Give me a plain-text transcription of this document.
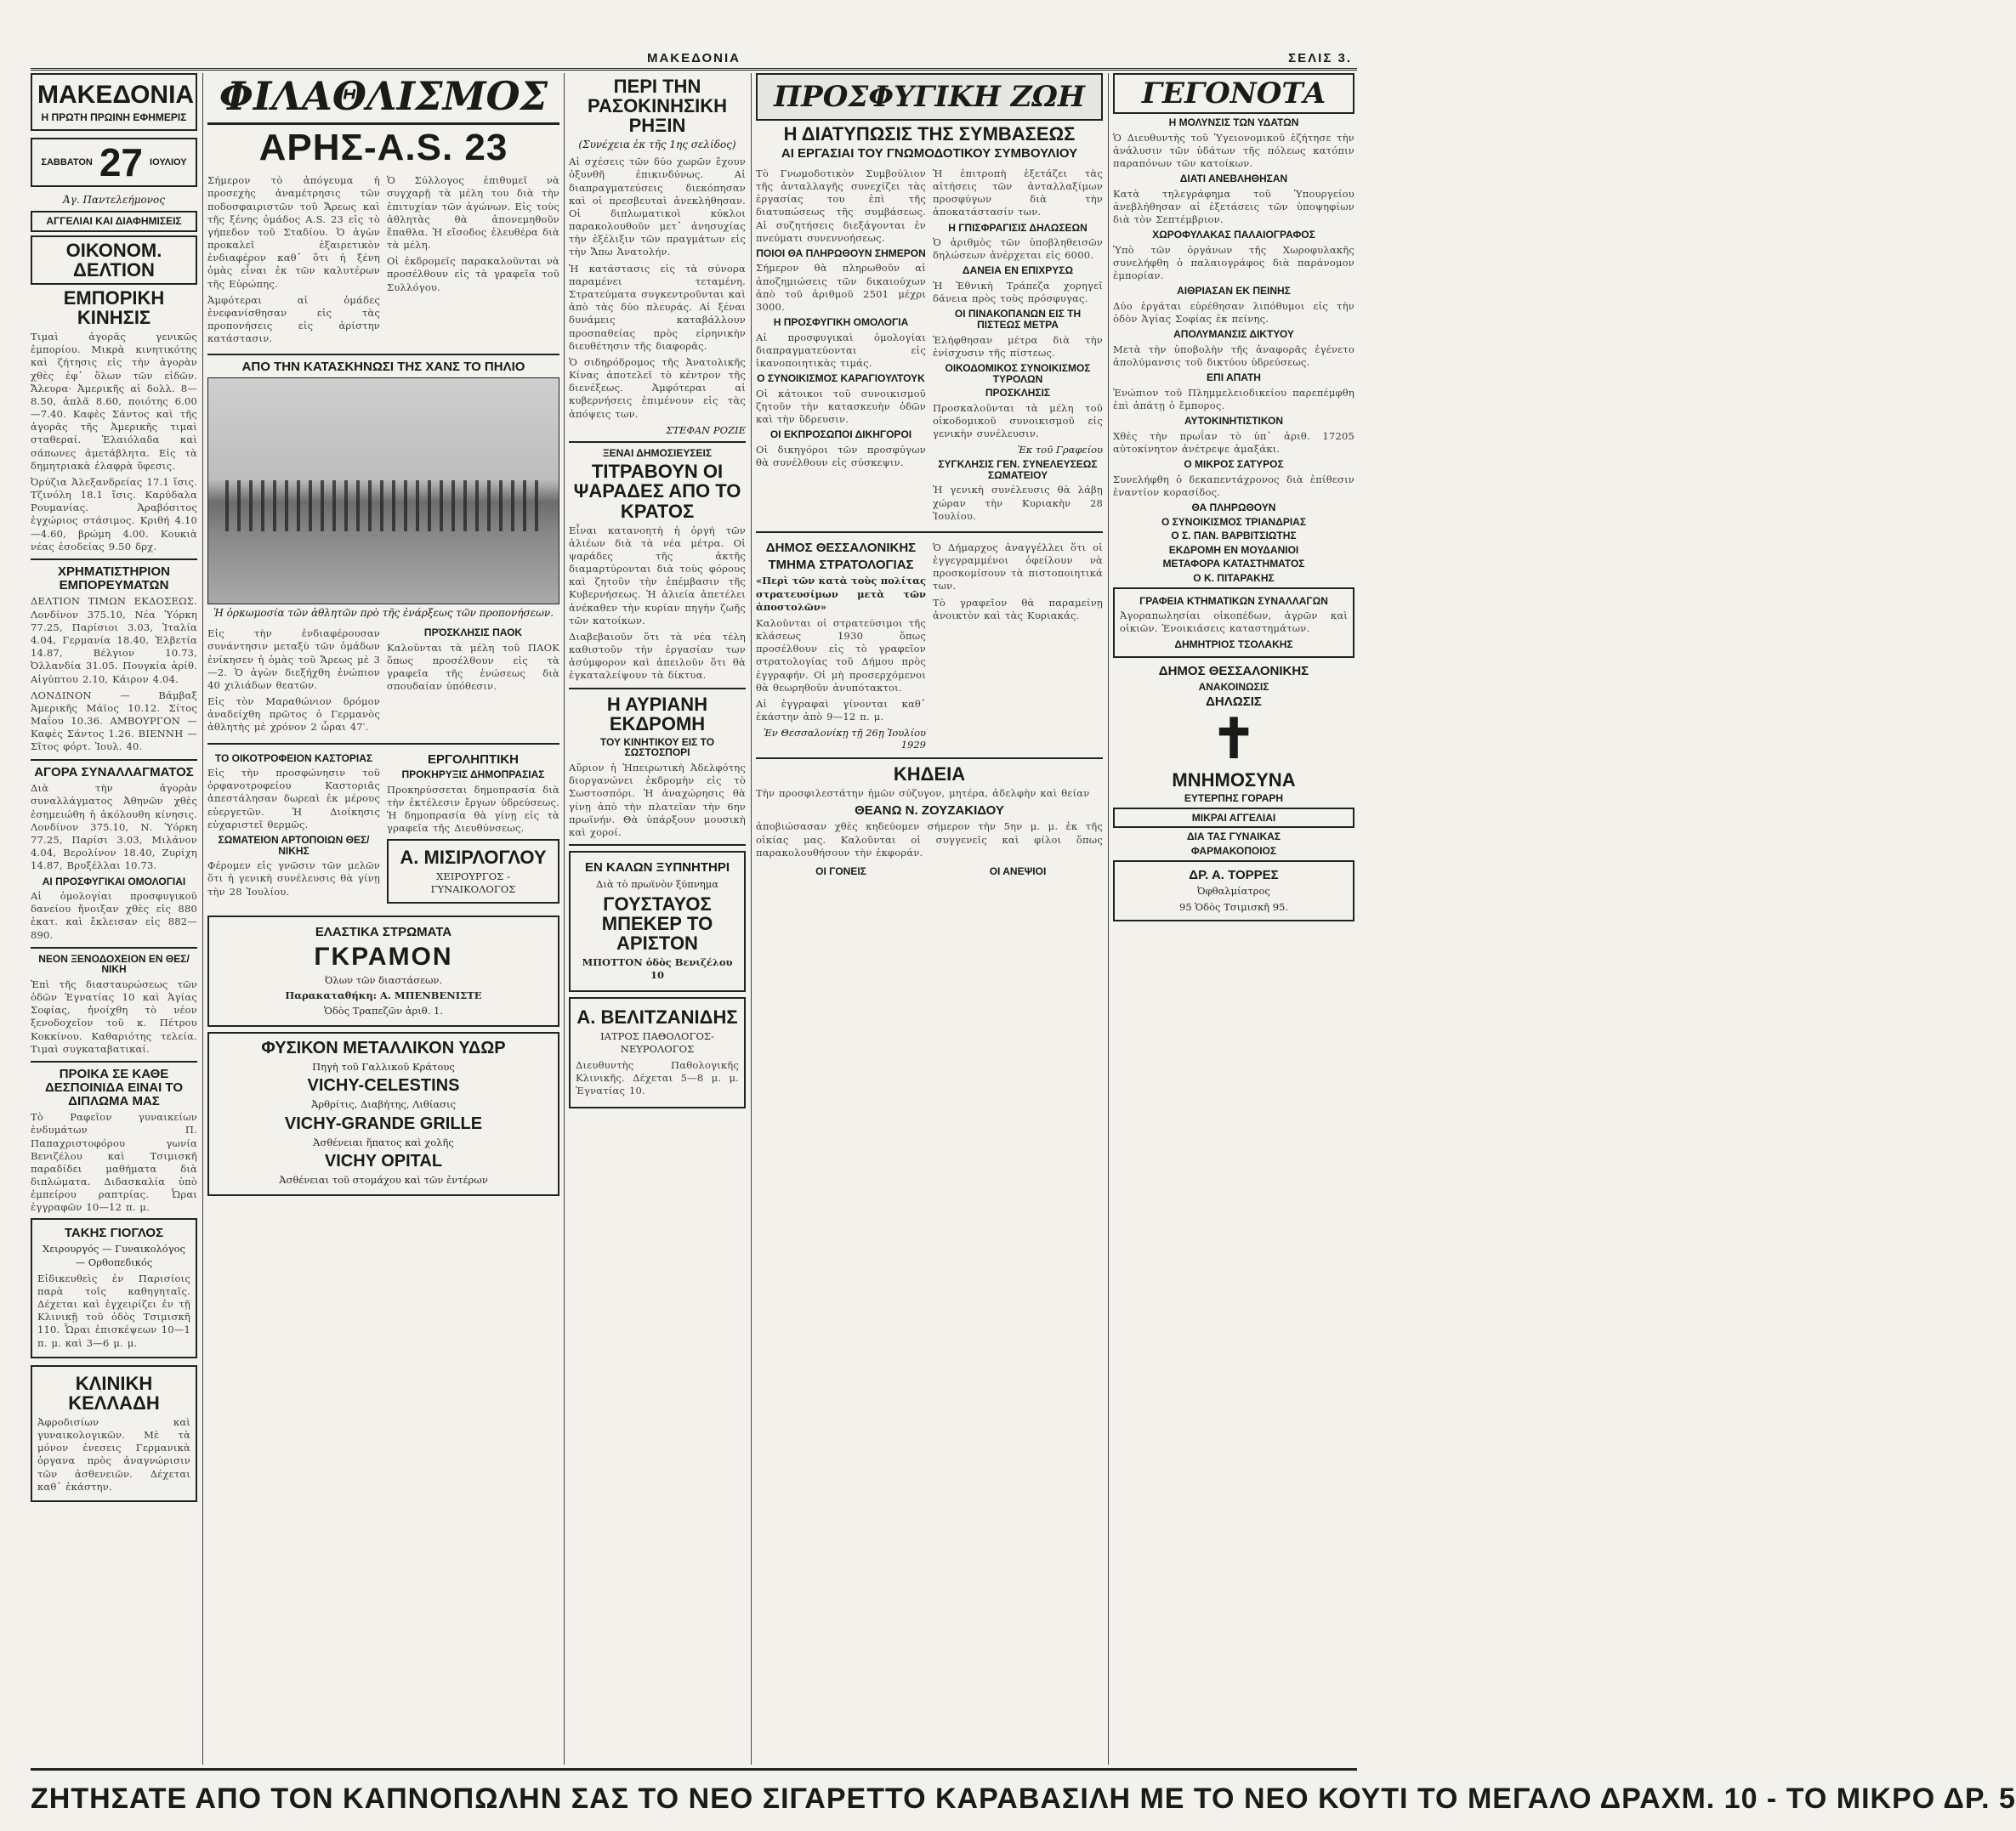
ΜΑΚΕΔΟΝΙΑ	ΣΕΛΙΣ 3.
ΜΑΚΕΔΟΝΙΑ
Η ΠΡΩΤΗ ΠΡΩΙΝΗ ΕΦΗΜΕΡΙΣ
ΣΑΒΒΑΤΟΝ 27 ΙΟΥΛΙΟΥ
Άγ. Παντελεήμονος
ΑΓΓΕΛΙΑΙ ΚΑΙ ΔΙΑΦΗΜΙΣΕΙΣ
ΟΙΚΟΝΟΜ. ΔΕΛΤΙΟΝ
ΕΜΠΟΡΙΚΗ ΚΙΝΗΣΙΣ

Τιμαὶ ἀγορᾶς γενικῶς ἐμπορίου. Μικρὰ κινητικότης καὶ ζήτησις εἰς τὴν ἀγορὰν χθὲς ἐφ᾽ ὅλων τῶν εἰδῶν. Ἄλευρα· Ἀμερικῆς αἱ δολλ. 8—8.50, ἀπλᾶ 8.60, ποιότης 6.00—7.40. Καφὲς Σάντος καὶ τῆς ἀγορᾶς τῆς Ἀμερικῆς τιμαὶ σταθεραί. Ἐλαιόλαδα καὶ σάπωνες ἀμετάβλητα. Εἰς τὰ δημητριακὰ ἐλαφρὰ ὕφεσις.

Ὀρύζια Ἀλεξανδρείας 17.1 ἴσις. Τζινόλη 18.1 ἴσις. Καρύδαλα Ρουμανίας. Ἀραβόσιτος ἐγχώριος στάσιμος. Κριθή 4.10—4.60, βρώμη 4.00. Κουκιὰ νέας ἐσοδείας 9.50 δρχ.

ΧΡΗΜΑΤΙΣΤΗΡΙΟΝ ΕΜΠΟΡΕΥΜΑΤΩΝ

ΔΕΛΤΙΟΝ ΤΙΜΩΝ ΕΚΔΟΣΕΩΣ. Λονδίνον 375.10, Νέα Ὑόρκη 77.25, Παρίσιοι 3.03, Ἰταλία 4.04, Γερμανία 18.40, Ἑλβετία 14.87, Βέλγιον 10.73, Ὀλλανδία 31.05. Πουγκία ἀρίθ. Αἰγύπτου 2.10, Κάιρον 4.04.

ΛΟΝΔΙΝΟΝ — Βάμβαξ Ἀμερικῆς Μάϊος 10.12. Σίτος Μαΐου 10.36. ΑΜΒΟΥΡΓΟΝ — Καφὲς Σάντος 1.26. ΒΙΕΝΝΗ — Σῖτος φόρτ. Ἰουλ. 40.

ΑΓΟΡΑ ΣΥΝΑΛΛΑΓΜΑΤΟΣ

Διὰ τὴν ἀγορὰν συναλλάγματος Ἀθηνῶν χθὲς ἐσημειώθη ἡ ἀκόλουθη κίνησις. Λονδίνον 375.10, Ν. Ὑόρκη 77.25, Παρίσι 3.03, Μιλάνον 4.04, Βερολίνον 18.40, Ζυρίχη 14.87, Βρυξέλλαι 10.73.

ΑΙ ΠΡΟΣΦΥΓΙΚΑΙ ΟΜΟΛΟΓΙΑΙ

Αἱ ὁμολογίαι προσφυγικοῦ δανείου ἤνοιξαν χθὲς εἰς 880 ἐκατ. καὶ ἔκλεισαν εἰς 882—890.

ΝΕΟΝ ΞΕΝΟΔΟΧΕΙΟΝ ΕΝ ΘΕΣ/ΝΙΚΗ

Ἐπὶ τῆς διασταυρώσεως τῶν ὁδῶν Ἐγνατίας 10 καὶ Ἀγίας Σοφίας, ἠνοίχθη τὸ νέον ξενοδοχεῖον τοῦ κ. Πέτρου Κοκκίνου. Καθαριότης τελεία. Τιμαὶ συγκαταβατικαί.

ΠΡΟΙΚΑ ΣΕ ΚΑΘΕ ΔΕΣΠΟΙΝΙΔΑ ΕΙΝΑΙ ΤΟ ΔΙΠΛΩΜΑ ΜΑΣ

Τὸ Ραφεῖον γυναικείων ἐνδυμάτων Π. Παπαχριστοφόρου γωνία Βενιζέλου καὶ Τσιμισκῆ παραδίδει μαθήματα διὰ διπλώματα. Διδασκαλία ὑπὸ ἐμπείρου ραπτρίας. Ὧραι ἐγγραφῶν 10—12 π. μ.

ΤΑΚΗΣ ΓΙΟΓΛΟΣ
Χειρουργός — Γυναικολόγος — Ορθοπεδικός

Εἰδικευθεὶς ἐν Παρισίοις παρὰ τοῖς καθηγηταῖς. Δέχεται καὶ ἐγχειρίζει ἐν τῇ Κλινικῇ τοῦ ὁδὸς Τσιμισκῆ 110. Ὧραι ἐπισκέψεων 10—1 π. μ. καὶ 3—6 μ. μ.

ΚΛΙΝΙΚΗ ΚΕΛΛΑΔΗ

Ἀφροδισίων καὶ γυναικολογικῶν. Μὲ τὰ μόνον ἐνεσεις Γερμανικὰ ὀργανα πρὸς ἀναγνώρισιν τῶν ἀσθενειῶν. Δέχεται καθ᾽ ἑκάστην.

ΦΙΛΑΘΛΙΣΜΟΣ
ΑΡΗΣ-A.S. 23

Σήμερον τὸ ἀπόγευμα ἡ προσεχὴς ἀναμέτρησις τῶν ποδοσφαιριστῶν τοῦ Ἄρεως καὶ τῆς ξένης ὁμάδος A.S. 23 εἰς τὸ γήπεδον τοῦ Σταδίου. Ὁ ἀγὼν προκαλεῖ ἐξαιρετικὸν ἐνδιαφέρον καθ᾽ ὅτι ἡ ξένη ὁμὰς εἶναι ἐκ τῶν καλυτέρων τῆς Εὐρώπης.

Ἀμφότεραι αἱ ὁμάδες ἐνεφανίσθησαν εἰς τὰς προπονήσεις εἰς ἀρίστην κατάστασιν.

Ὁ Σύλλογος ἐπιθυμεῖ νὰ συγχαρῇ τὰ μέλη του διὰ τὴν ἐπιτυχίαν τῶν ἀγώνων. Εἰς τοὺς ἀθλητὰς θὰ ἀπονεμηθοῦν ἔπαθλα. Ἡ εἴσοδος ἐλευθέρα διὰ τὰ μέλη.

Οἱ ἐκδρομεῖς παρακαλοῦνται νὰ προσέλθουν εἰς τὰ γραφεῖα τοῦ Συλλόγου.

ΑΠΟ ΤΗΝ ΚΑΤΑΣΚΗΝΩΣΙ ΤΗΣ ΧΑΝΣ ΤΟ ΠΗΛΙΟ
Ἡ ὁρκωμοσία τῶν ἀθλητῶν πρὸ τῆς ἐνάρξεως τῶν προπονήσεων.

Εἰς τὴν ἐνδιαφέρουσαν συνάντησιν μεταξὺ τῶν ὁμάδων ἐνίκησεν ἡ ὁμὰς τοῦ Ἄρεως μὲ 3—2. Ὁ ἀγὼν διεξήχθη ἐνώπιον 40 χιλιάδων θεατῶν.

Εἰς τὸν Μαραθώνιον δρόμον ἀναδείχθη πρῶτος ὁ Γερμανὸς ἀθλητὴς μὲ χρόνον 2 ὧραι 47′.

ΠΡΌΣΚΛΗΣΙΣ ΠΑΟΚ

Καλοῦνται τὰ μέλη τοῦ ΠΑΟΚ ὅπως προσέλθουν εἰς τὰ γραφεῖα τῆς ἑνώσεως διὰ σπουδαίαν ὑπόθεσιν.

ΤΟ ΟΙΚΟΤΡΟΦΕΙΟΝ ΚΑΣΤΟΡΙΑΣ

Εἰς τὴν προσφώνησιν τοῦ ὀρφανοτροφείου Καστοριᾶς ἀπεστάλησαν δωρεαὶ ἐκ μέρους εὐεργετῶν. Ἡ Διοίκησις εὐχαριστεῖ θερμῶς.

ΣΩΜΑΤΕΙΟΝ ΑΡΤΟΠΟΙΩΝ ΘΕΣ/ΝΙΚΗΣ

Φέρομεν εἰς γνῶσιν τῶν μελῶν ὅτι ἡ γενικὴ συνέλευσις θὰ γίνῃ τὴν 28 Ἰουλίου.

ΕΡΓΟΛΗΠΤΙΚΗ
ΠΡΟΚΗΡΥΞΙΣ ΔΗΜΟΠΡΑΣΙΑΣ

Προκηρύσσεται δημοπρασία διὰ τὴν ἐκτέλεσιν ἔργων ὑδρεύσεως. Ἡ δημοπρασία θὰ γίνῃ εἰς τὰ γραφεῖα τῆς Διευθύνσεως.

Α. ΜΙΣΙΡΛΟΓΛΟΥ
ΧΕΙΡΟΥΡΓΟΣ - ΓΥΝΑΙΚΟΛΟΓΟΣ
ΕΛΑΣΤΙΚΑ ΣΤΡΩΜΑΤΑ
ΓΚΡΑΜΟΝ
Όλων τῶν διαστάσεων.
Παρακαταθήκη: Α. ΜΠΕΝΒΕΝΙΣΤΕ
Ὁδὸς Τραπεζῶν ἀριθ. 1.
ΦΥΣΙΚΟΝ ΜΕΤΑΛΛΙΚΟΝ ΥΔΩΡ
Πηγὴ τοῦ Γαλλικοῦ Κράτους
VICHY-CELESTINS
Ἀρθρίτις, Διαβήτης, Λιθίασις
VICHY-GRANDE GRILLE
Ἀσθένειαι ἥπατος καὶ χολῆς
VICHY OPITAL
Ἀσθένειαι τοῦ στομάχου καὶ τῶν ἐντέρων
ΠΕΡΙ ΤΗΝ ΡΑΣΟΚΙΝΗΣΙΚΗ ΡΗΞΙΝ
(Συνέχεια ἐκ τῆς 1ης σελίδος)

Αἱ σχέσεις τῶν δύο χωρῶν ἔχουν ὀξυνθῆ ἐπικινδύνως. Αἱ διαπραγματεύσεις διεκόπησαν καὶ οἱ πρεσβευταὶ ἀνεκλήθησαν. Οἱ διπλωματικοὶ κύκλοι παρακολουθοῦν μετ᾽ ἀνησυχίας τὴν ἐξέλιξιν τῶν πραγμάτων εἰς τὴν Ἄπω Ἀνατολήν.

Ἡ κατάστασις εἰς τὰ σύνορα παραμένει τεταμένη. Στρατεύματα συγκεντροῦνται καὶ ἀπὸ τὰς δύο πλευράς. Αἱ ξέναι δυνάμεις καταβάλλουν προσπαθείας πρὸς εἰρηνικὴν διευθέτησιν τῆς διαφορᾶς.

Ὁ σιδηρόδρομος τῆς Ἀνατολικῆς Κίνας ἀποτελεῖ τὸ κέντρον τῆς διενέξεως. Ἀμφότεραι αἱ κυβερνήσεις ἐπιμένουν εἰς τὰς ἀπόψεις των.

ΣΤΕΦΑΝ ΡΟΖΙΕ
ΞΕΝΑΙ ΔΗΜΟΣΙΕΥΣΕΙΣ
ΤΙΤΡΑΒΟΥΝ ΟΙ ΨΑΡΑΔΕΣ ΑΠΟ ΤΟ ΚΡΑΤΟΣ

Εἶναι κατανοητὴ ἡ ὀργή τῶν ἁλιέων διὰ τὰ νέα μέτρα. Οἱ ψαράδες τῆς ἀκτῆς διαμαρτύρονται διὰ τοὺς φόρους καὶ ζητοῦν τὴν ἐπέμβασιν τῆς Κυβερνήσεως. Ἡ ἀλιεία ἀπετέλει ἀνέκαθεν τὴν κυρίαν πηγὴν ζωῆς τῶν κατοίκων.

Διαβεβαιοῦν ὅτι τὰ νέα τέλη καθιστοῦν τὴν ἐργασίαν των ἀσύμφορον καὶ ἀπειλοῦν ὅτι θὰ ἐγκαταλείψουν τὰ δίκτυα.

Η ΑΥΡΙΑΝΗ ΕΚΔΡΟΜΗ
ΤΟΥ ΚΙΝΗΤΙΚΟΥ ΕΙΣ ΤΟ ΣΩΣΤΟΣΠΟΡΙ

Αὔριον ἡ Ἠπειρωτικὴ Ἀδελφότης διοργανώνει ἐκδρομὴν εἰς τὸ Σωστοσπόρι. Ἡ ἀναχώρησις θὰ γίνῃ ἀπὸ τὴν πλατεῖαν τὴν 6ην πρωϊνήν. Θὰ ὑπάρξουν μουσικὴ καὶ χοροί.

ΕΝ ΚΑΛΩΝ ΞΥΠΝΗΤΗΡΙ
Διὰ τὸ πρωϊνὸν ξύπνημα
ΓΟΥΣΤΑΥΟΣ ΜΠΕΚΕΡ ΤΟ ΑΡΙΣΤΟΝ
ΜΠΟΤΤΟΝ ὁδὸς Βενιζέλου 10
Α. ΒΕΛΙΤΖΑΝΙΔΗΣ
ΙΑΤΡΟΣ ΠΑΘΟΛΟΓΟΣ-ΝΕΥΡΟΛΟΓΟΣ

Διευθυντὴς Παθολογικῆς Κλινικῆς. Δέχεται 5—8 μ. μ. Ἐγνατίας 10.

ΠΡΟΣΦΥΓΙΚΗ ΖΩΗ
Η ΔΙΑΤΥΠΩΣΙΣ ΤΗΣ ΣΥΜΒΑΣΕΩΣ
ΑΙ ΕΡΓΑΣΙΑΙ ΤΟΥ ΓΝΩΜΟΔΟΤΙΚΟΥ ΣΥΜΒΟΥΛΙΟΥ

Τὸ Γνωμοδοτικὸν Συμβούλιον τῆς ἀνταλλαγῆς συνεχίζει τὰς ἐργασίας του ἐπὶ τῆς διατυπώσεως τῆς συμβάσεως. Αἱ συζητήσεις διεξάγονται ἐν πνεύματι συνεννοήσεως.

ΠΟΙΟΙ ΘΑ ΠΛΗΡΩΘΟΥΝ ΣΗΜΕΡΟΝ

Σήμερον θὰ πληρωθοῦν αἱ ἀποζημιώσεις τῶν δικαιούχων ἀπὸ τοῦ ἀριθμοῦ 2501 μέχρι 3000.

Η ΠΡΟΣΦΥΓΙΚΗ ΟΜΟΛΟΓΙΑ

Αἱ προσφυγικαὶ ὁμολογίαι διαπραγματεύονται εἰς ἱκανοποιητικὰς τιμάς.

Ο ΣΥΝΟΙΚΙΣΜΟΣ ΚΑΡΑΓΙΟΥΛΤΟΥΚ

Οἱ κάτοικοι τοῦ συνοικισμοῦ ζητοῦν τὴν κατασκευὴν ὁδῶν καὶ τὴν ὕδρευσιν.

ΟΙ ΕΚΠΡΟΣΩΠΟΙ ΔΙΚΗΓΟΡΟΙ

Οἱ δικηγόροι τῶν προσφύγων θὰ συνέλθουν εἰς σύσκεψιν.

Ἡ ἐπιτροπὴ ἐξετάζει τὰς αἰτήσεις τῶν ἀνταλλαξίμων προσφύγων διὰ τὴν ἀποκατάστασίν των.

Η ΓΠΙΣΦΡΑΓΙΣΙΣ ΔΗΛΩΣΕΩΝ

Ὁ ἀριθμὸς τῶν ὑποβληθεισῶν δηλώσεων ἀνέρχεται εἰς 6000.

ΔΑΝΕΙΑ ΕΝ ΕΠΙΧΡΥΣΩ

Ἡ Ἐθνικὴ Τράπεζα χορηγεῖ δάνεια πρὸς τοὺς πρόσφυγας.

ΟΙ ΠΙΝΑΚΟΠΑΝΩΝ ΕΙΣ ΤΗ ΠΙΣΤΕΩΣ ΜΕΤΡΑ

Ἐλήφθησαν μέτρα διὰ τὴν ἐνίσχυσιν τῆς πίστεως.

ΟΙΚΟΔΟΜΙΚΟΣ ΣΥΝΟΙΚΙΣΜΟΣ ΤΥΡΟΛΩΝ
ΠΡΟΣΚΛΗΣΙΣ

Προσκαλοῦνται τὰ μέλη τοῦ οἰκοδομικοῦ συνοικισμοῦ εἰς γενικὴν συνέλευσιν.

Ἐκ τοῦ Γραφείου
ΣΥΓΚΛΗΣΙΣ ΓΕΝ. ΣΥΝΕΛΕΥΣΕΩΣ ΣΩΜΑΤΕΙΟΥ

Ἡ γενικὴ συνέλευσις θὰ λάβῃ χώραν τὴν Κυριακὴν 28 Ἰουλίου.

ΔΗΜΟΣ ΘΕΣΣΑΛΟΝΙΚΗΣ
ΤΜΗΜΑ ΣΤΡΑΤΟΛΟΓΙΑΣ
«Περὶ τῶν κατὰ τοὺς πολίτας στρατευσίμων μετὰ τῶν ἀποστολῶν»

Καλοῦνται οἱ στρατεύσιμοι τῆς κλάσεως 1930 ὅπως προσέλθουν εἰς τὸ γραφεῖον στρατολογίας τοῦ Δήμου πρὸς ἐγγραφήν. Οἱ μὴ προσερχόμενοι θὰ θεωρηθοῦν ἀνυπότακτοι.

Αἱ ἐγγραφαὶ γίνονται καθ᾽ ἑκάστην ἀπὸ 9—12 π. μ.

Ἐν Θεσσαλονίκῃ τῇ 26ῃ Ἰουλίου 1929

Ὁ Δήμαρχος ἀναγγέλλει ὅτι οἱ ἐγγεγραμμένοι ὀφείλουν νὰ προσκομίσουν τὰ πιστοποιητικά των.

Τὸ γραφεῖον θὰ παραμείνῃ ἀνοικτὸν καὶ τὰς Κυριακάς.

ΚΗΔΕΙΑ

Τὴν προσφιλεστάτην ἡμῶν σύζυγον, μητέρα, ἀδελφὴν καὶ θείαν

ΘΕΑΝΩ Ν. ΖΟΥΖΑΚΙΔΟΥ

ἀποβιώσασαν χθὲς κηδεύομεν σήμερον τὴν 5ην μ. μ. ἐκ τῆς οἰκίας μας. Καλοῦνται οἱ συγγενεῖς καὶ φίλοι ὅπως παρακολουθήσουν τὴν ἐκφοράν.

ΟΙ ΓΟΝΕΙΣ	ΟΙ ΑΝΕΨΙΟΙ
ΓΕΓΟΝΟΤΑ
Η ΜΟΛΥΝΣΙΣ ΤΩΝ ΥΔΑΤΩΝ

Ὁ Διευθυντὴς τοῦ Ὑγειονομικοῦ ἐζήτησε τὴν ἀνάλυσιν τῶν ὑδάτων τῆς πόλεως κατόπιν παραπόνων τῶν κατοίκων.

ΔΙΑΤΙ ΑΝΕΒΛΗΘΗΣΑΝ

Κατὰ τηλεγράφημα τοῦ Ὑπουργείου ἀνεβλήθησαν αἱ ἐξετάσεις τῶν ὑποψηφίων διὰ τὸν Σεπτέμβριον.

ΧΩΡΟΦΥΛΑΚΑΣ ΠΑΛΑΙΟΓΡΑΦΟΣ

Ὑπὸ τῶν ὀργάνων τῆς Χωροφυλακῆς συνελήφθη ὁ παλαιογράφος διὰ παράνομον ἐμπορίαν.

ΑΙΘΡΙΑΣΑΝ ΕΚ ΠΕΙΝΗΣ

Δύο ἐργάται εὑρέθησαν λιπόθυμοι εἰς τὴν ὁδὸν Ἁγίας Σοφίας ἐκ πείνης.

ΑΠΟΛΥΜΑΝΣΙΣ ΔΙΚΤΥΟΥ

Μετὰ τὴν ὑποβολὴν τῆς ἀναφορᾶς ἐγένετο ἀπολύμανσις τοῦ δικτύου ὑδρεύσεως.

ΕΠΙ ΑΠΑΤΗ

Ἐνώπιον τοῦ Πλημμελειοδικείου παρεπέμφθη ἐπὶ ἀπάτῃ ὁ ἔμπορος.

ΑΥΤΟΚΙΝΗΤΙΣΤΙΚΟΝ

Χθὲς τὴν πρωΐαν τὸ ὑπ᾽ ἀριθ. 17205 αὐτοκίνητον ἀνέτρεψε ἀμαξάκι.

Ο ΜΙΚΡΟΣ ΣΑΤΥΡΟΣ

Συνελήφθη ὁ δεκαπεντάχρονος διὰ ἐπίθεσιν ἐναντίον κορασίδος.

ΘΑ ΠΛΗΡΩΘΟΥΝ
Ο ΣΥΝΟΙΚΙΣΜΟΣ ΤΡΙΑΝΔΡΙΑΣ
Ο Σ. ΠΑΝ. ΒΑΡΒΙΤΣΙΩΤΗΣ
ΕΚΔΡΟΜΗ ΕΝ ΜΟΥΔΑΝΙΟΙ
ΜΕΤΑΦΟΡΑ ΚΑΤΑΣΤΗΜΑΤΟΣ
Ο Κ. ΠΙΤΑΡΑΚΗΣ
ΓΡΑΦΕΙΑ ΚΤΗΜΑΤΙΚΩΝ ΣΥΝΑΛΛΑΓΩΝ

Ἀγοραπωλησίαι οἰκοπέδων, ἀγρῶν καὶ οἰκιῶν. Ἐνοικιάσεις καταστημάτων.

ΔΗΜΗΤΡΙΟΣ ΤΣΟΛΑΚΗΣ
ΔΗΜΟΣ ΘΕΣΣΑΛΟΝΙΚΗΣ
ΑΝΑΚΟΙΝΩΣΙΣ
ΔΗΛΩΣΙΣ
✝
ΜΝΗΜΟΣΥΝΑ
ΕΥΤΕΡΠΗΣ ΓΟΡΑΡΗ
ΜΙΚΡΑΙ ΑΓΓΕΛΙΑΙ
ΔΙΑ ΤΑΣ ΓΥΝΑΙΚΑΣ
ΦΑΡΜΑΚΟΠΟΙΟΣ
ΔΡ. Α. ΤΟΡΡΕΣ
Ὀφθαλμίατρος
95 Ὁδὸς Τσιμισκῆ 95.
ΖΗΤΗΣΑΤΕ ΑΠΟ ΤΟΝ ΚΑΠΝΟΠΩΛΗΝ ΣΑΣ ΤΟ ΝΕΟ ΣΙΓΑΡΕΤΤΟ ΚΑΡΑΒΑΣΙΛΗ ΜΕ ΤΟ ΝΕΟ ΚΟΥΤΙ ΤΟ ΜΕΓΑΛΟ ΔΡΑΧΜ. 10 - ΤΟ ΜΙΚΡΟ ΔΡ. 5
